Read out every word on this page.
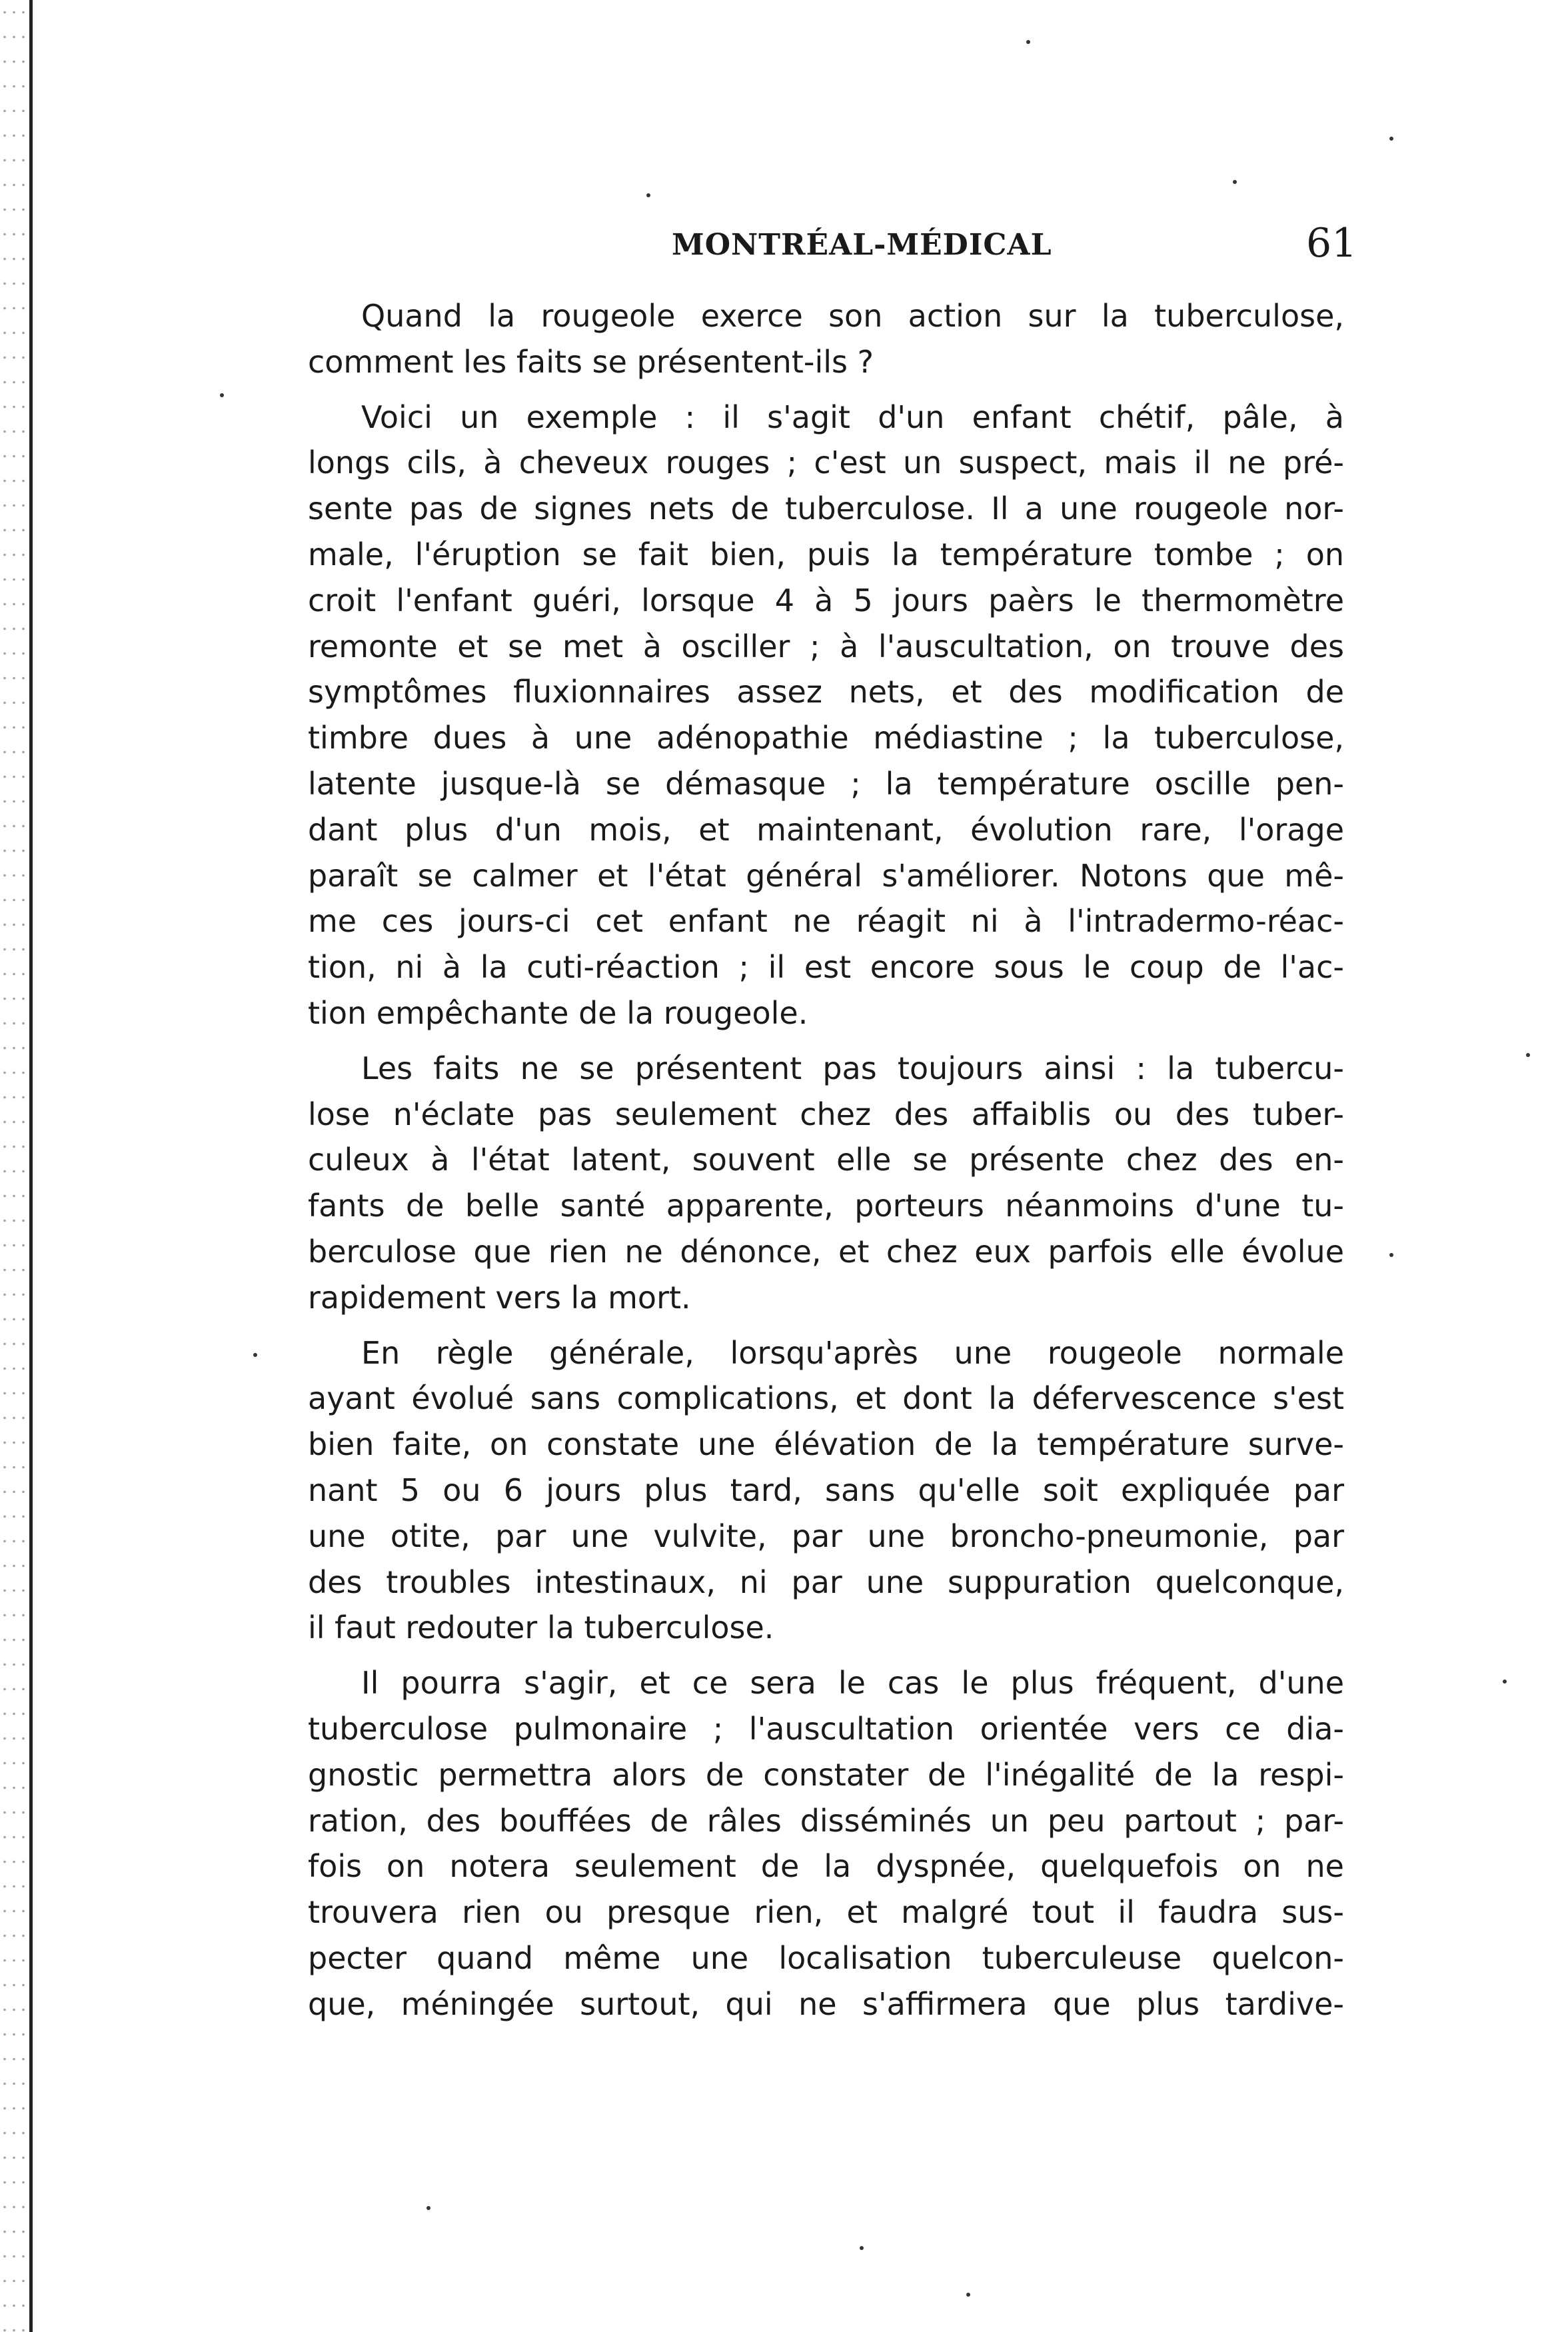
MONTRÉAL-MÉDICAL	61
Quand la rougeole exerce son action sur la tuberculose,
comment les faits se présentent-ils ?
Voici un exemple : il s'agit d'un enfant chétif, pâle, à
longs cils, à cheveux rouges ; c'est un suspect, mais il ne pré-
sente pas de signes nets de tuberculose. Il a une rougeole nor-
male, l'éruption se fait bien, puis la température tombe ; on
croit l'enfant guéri, lorsque 4 à 5 jours paèrs le thermomètre
remonte et se met à osciller ; à l'auscultation, on trouve des
symptômes fluxionnaires assez nets, et des modification de
timbre dues à une adénopathie médiastine ; la tuberculose,
latente jusque-là se démasque ; la température oscille pen-
dant plus d'un mois, et maintenant, évolution rare, l'orage
paraît se calmer et l'état général s'améliorer. Notons que mê-
me ces jours-ci cet enfant ne réagit ni à l'intradermo-réac-
tion, ni à la cuti-réaction ; il est encore sous le coup de l'ac-
tion empêchante de la rougeole.
Les faits ne se présentent pas toujours ainsi : la tubercu-
lose n'éclate pas seulement chez des affaiblis ou des tuber-
culeux à l'état latent, souvent elle se présente chez des en-
fants de belle santé apparente, porteurs néanmoins d'une tu-
berculose que rien ne dénonce, et chez eux parfois elle évolue
rapidement vers la mort.
En règle générale, lorsqu'après une rougeole normale
ayant évolué sans complications, et dont la défervescence s'est
bien faite, on constate une élévation de la température surve-
nant 5 ou 6 jours plus tard, sans qu'elle soit expliquée par
une otite, par une vulvite, par une broncho-pneumonie, par
des troubles intestinaux, ni par une suppuration quelconque,
il faut redouter la tuberculose.
Il pourra s'agir, et ce sera le cas le plus fréquent, d'une
tuberculose pulmonaire ; l'auscultation orientée vers ce dia-
gnostic permettra alors de constater de l'inégalité de la respi-
ration, des bouffées de râles disséminés un peu partout ; par-
fois on notera seulement de la dyspnée, quelquefois on ne
trouvera rien ou presque rien, et malgré tout il faudra sus-
pecter quand même une localisation tuberculeuse quelcon-
que, méningée surtout, qui ne s'affirmera que plus tardive-
